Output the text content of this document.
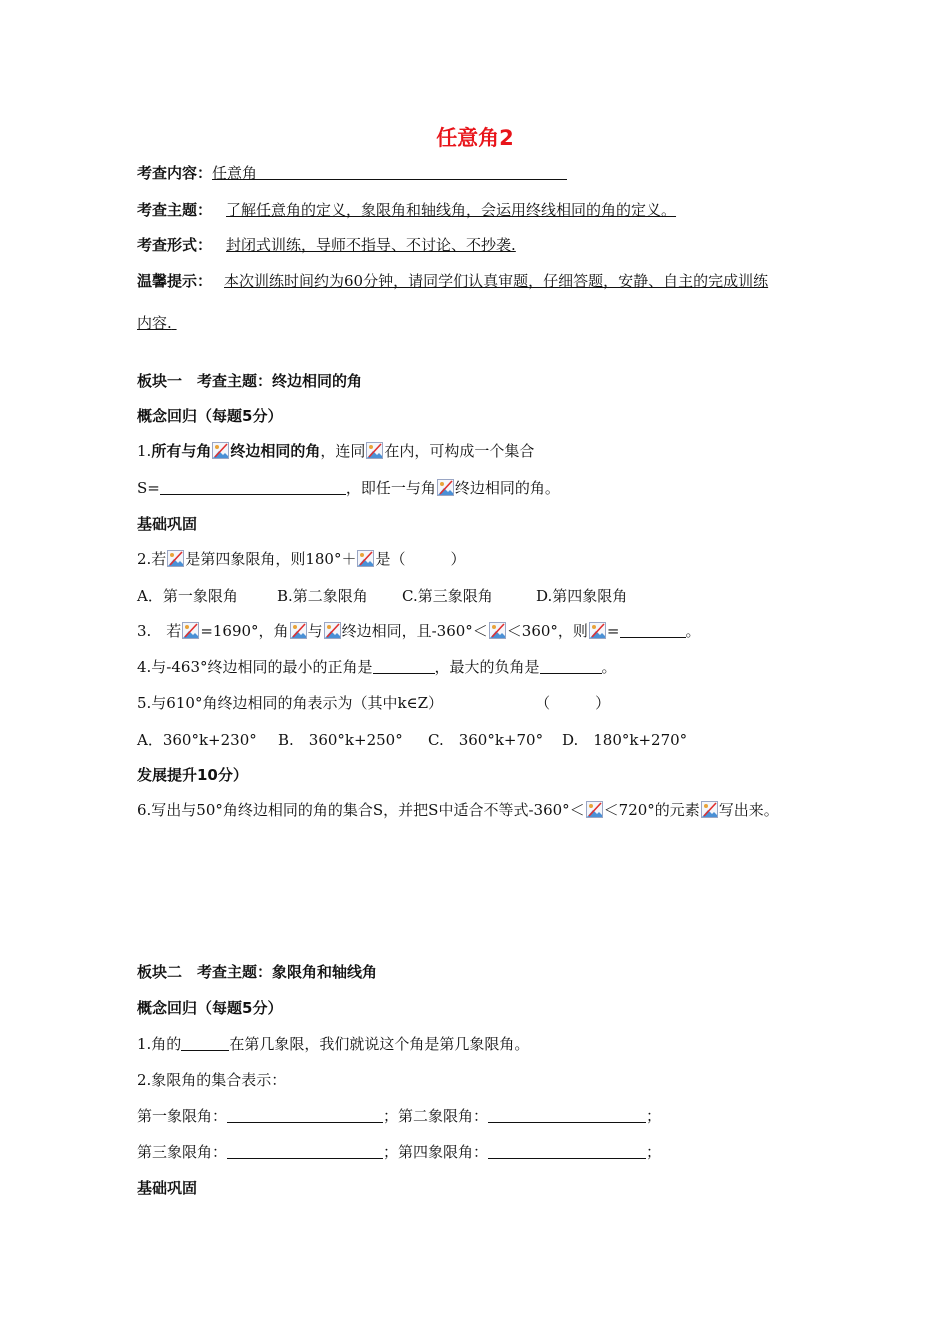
任意角2
考查内容：任意角
考查主题： 了解任意角的定义，象限角和轴线角，会运用终线相同的角的定义。
考查形式： 封闭式训练，导师不指导、不讨论、不抄袭.
温馨提示： 本次训练时间约为60分钟，请同学们认真审题，仔细答题，安静、自主的完成训练
内容.
板块一　考查主题：终边相同的角
概念回归（每题5分）
1.所有与角 终边相同的角，连同 在内，可构成一个集合
S=	，即任一与角 终边相同的角。
基础巩固
2.若 是第四象限角，则180°＋ 是（　　　）
A．第一象限角	B.第二象限角 C.第三象限角	D.第四象限角
3.　若 =1690°，角 与 终边相同，且-360°＜ ＜360°，则 =	。
4.与-463°终边相同的最小的正角是	，最大的负角是	。
5.与610°角终边相同的角表示为（其中k∈Z）	（　　　）
A．360°k+230° B.　360°k+250° C.　360°k+70° D.　180°k+270°
发展提升10分）
6.写出与50°角终边相同的角的集合S，并把S中适合不等式-360°＜ ＜720°的元素 写出来。
板块二　考查主题：象限角和轴线角
概念回归（每题5分）
1.角的	在第几象限，我们就说这个角是第几象限角。
2.象限角的集合表示：
第一象限角：	；第二象限角：	；
第三象限角：	；第四象限角：	；
基础巩固
